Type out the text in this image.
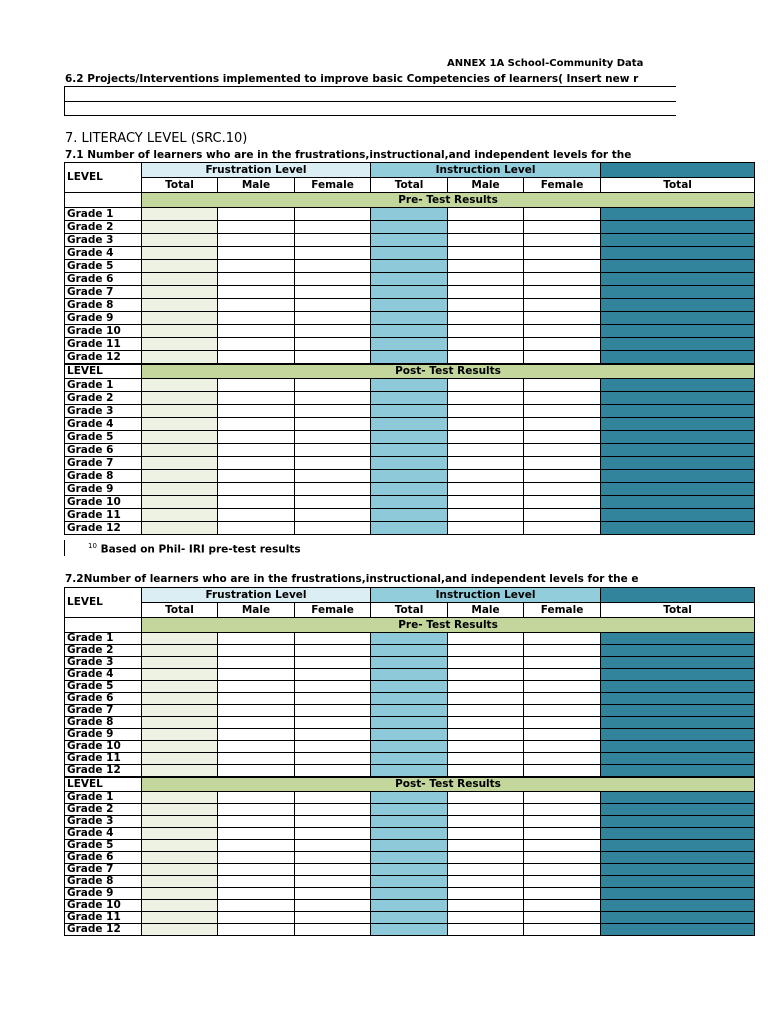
ANNEX 1A School-Community Data
6.2 Projects/Interventions implemented to improve basic Competencies of learners( Insert new r
7. LITERACY LEVEL (SRC.10)
7.1 Number of learners who are in the frustrations,instructional,and independent levels for the
LEVEL	Frustration Level			Instruction Level			
	Total	Male	Female	Total	Male	Female	Total
	Pre- Test Results						
Grade 1							
Grade 2							
Grade 3							
Grade 4							
Grade 5							
Grade 6							
Grade 7							
Grade 8							
Grade 9							
Grade 10							
Grade 11							
Grade 12							
LEVEL	Post- Test Results						
Grade 1							
Grade 2							
Grade 3							
Grade 4							
Grade 5							
Grade 6							
Grade 7							
Grade 8							
Grade 9							
Grade 10							
Grade 11							
Grade 12							
$^{10}$ Based on Phil- IRI pre-test results
7.2Number of learners who are in the frustrations,instructional,and independent levels for the e
LEVEL	Frustration Level			Instruction Level			
	Total	Male	Female	Total	Male	Female	Total
	Pre- Test Results						
Grade 1							
Grade 2							
Grade 3							
Grade 4							
Grade 5							
Grade 6							
Grade 7							
Grade 8							
Grade 9							
Grade 10							
Grade 11							
Grade 12							
LEVEL	Post- Test Results						
Grade 1							
Grade 2							
Grade 3							
Grade 4							
Grade 5							
Grade 6							
Grade 7							
Grade 8							
Grade 9							
Grade 10							
Grade 11							
Grade 12							
